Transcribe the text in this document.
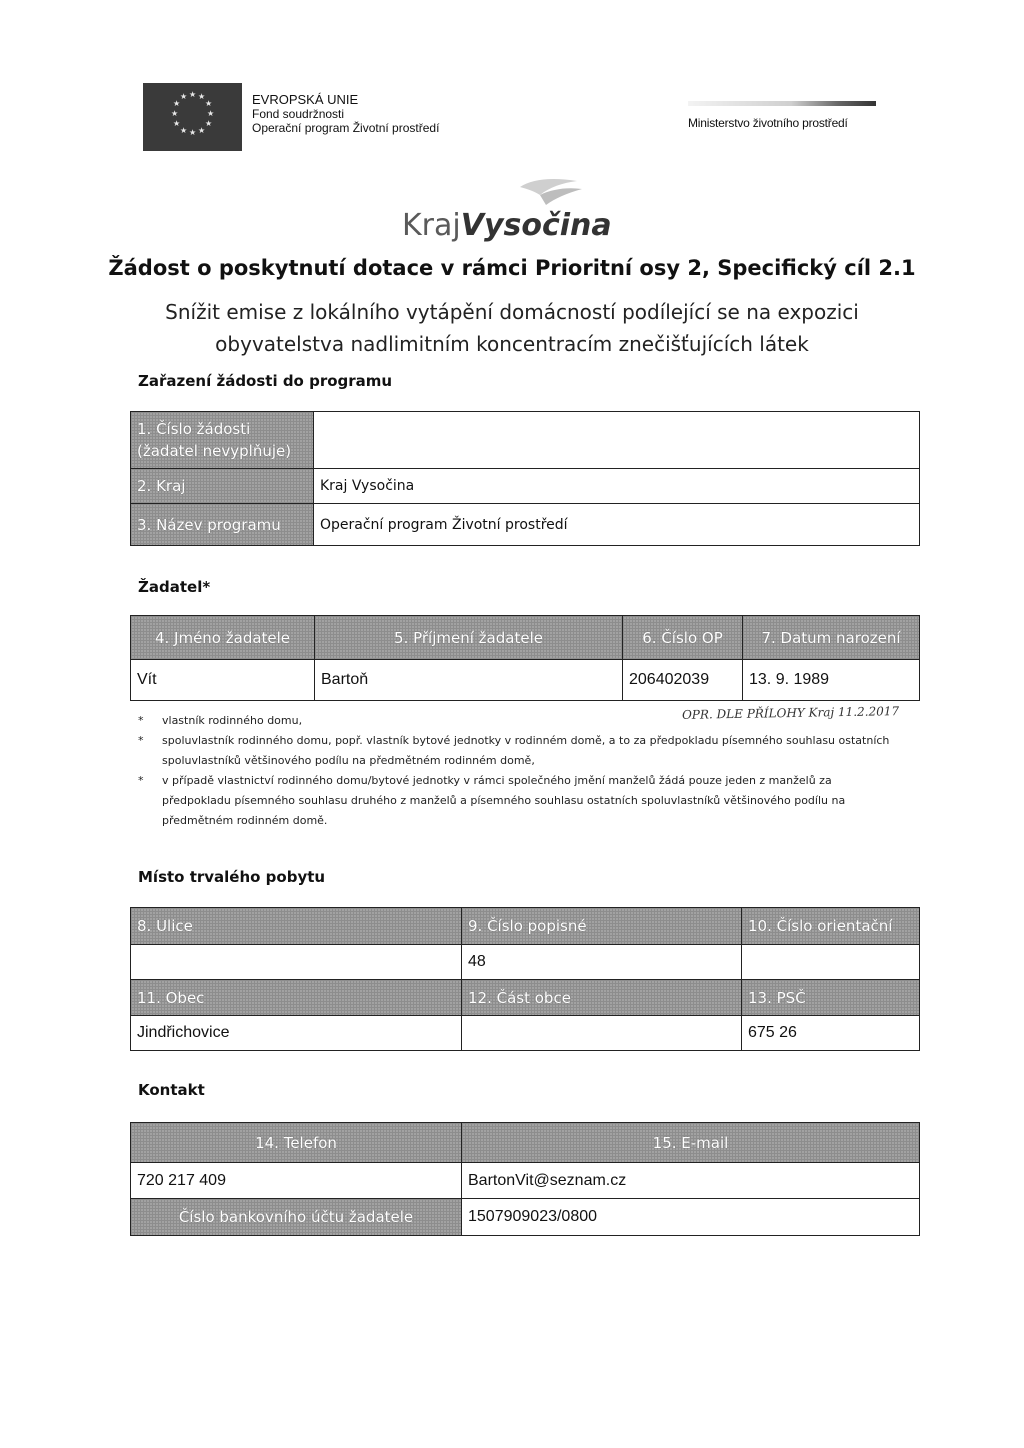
★ ★
★
★
★
★
★
★
★
★
★
★	EVROPSKÁ UNIE
Fond soudržnosti
Operační program Životní prostředí	Ministerstvo životního prostředí
KrajVysočina
Žádost o poskytnutí dotace v rámci Prioritní osy 2, Specifický cíl 2.1
Snížit emise z lokálního vytápění domácností podílející se na expozici
obyvatelstva nadlimitním koncentracím znečišťujících látek
Zařazení žádosti do programu
1. Číslo žádosti
(žadatel nevyplňuje)	

2. Kraj	Kraj Vysočina
3. Název programu	Operační program Životní prostředí
Žadatel*
4. Jméno žadatele	5. Příjmení žadatele	6. Číslo OP	7. Datum narození
Vít	Bartoň	206402039	13. 9. 1989
* vlastník rodinného domu,
* spoluvlastník rodinného domu, popř. vlastník bytové jednotky v rodinném domě, a to za předpokladu písemného souhlasu ostatních spoluvlastníků většinového podílu na předmětném rodinném domě,
* v případě vlastnictví rodinného domu/bytové jednotky v rámci společného jmění manželů žádá pouze jeden z manželů za předpokladu písemného souhlasu druhého z manželů a písemného souhlasu ostatních spoluvlastníků většinového podílu na předmětném rodinném domě.
OPR. DLE PŘÍLOHY Kraj 11.2.2017
Místo trvalého pobytu
8. Ulice	9. Číslo popisné	10. Číslo orientační
	48	
11. Obec	12. Část obce	13. PSČ
Jindřichovice		675 26
Kontakt
14. Telefon	15. E-mail
720 217 409	BartonVit@seznam.cz
Číslo bankovního účtu žadatele	1507909023/0800
